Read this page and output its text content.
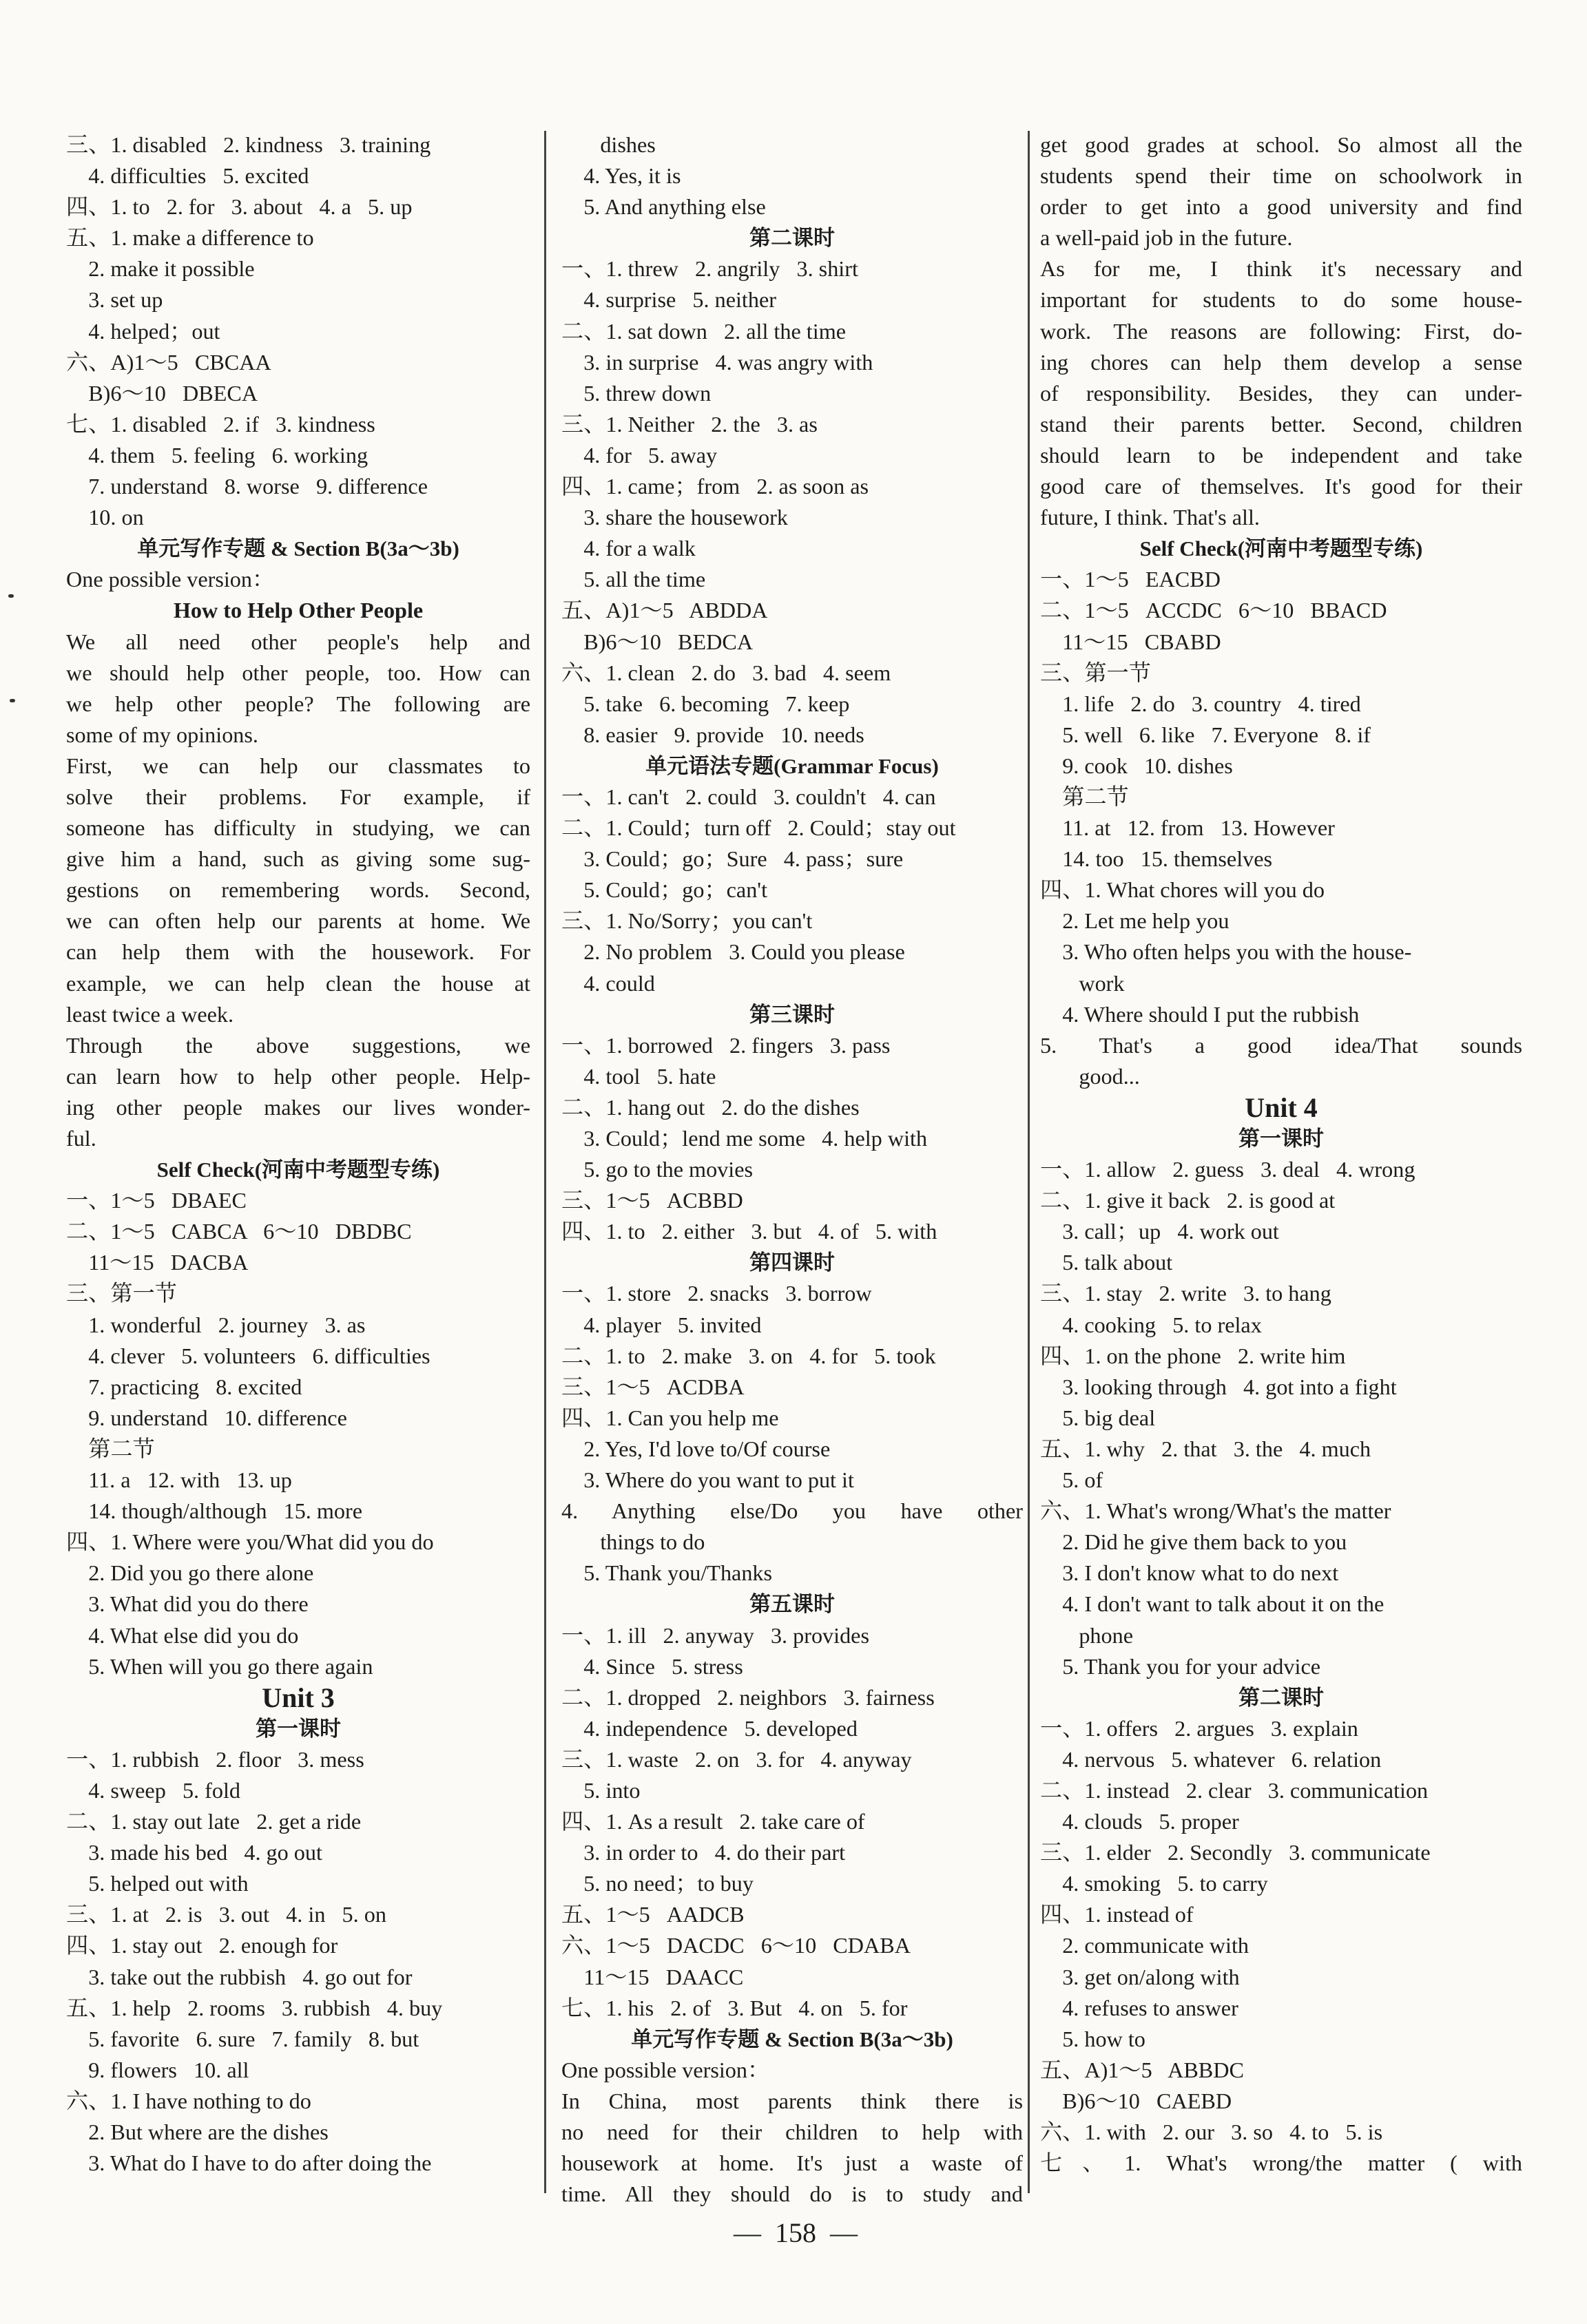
三、1. disabled   2. kindness   3. training
4. difficulties   5. excited
四、1. to   2. for   3. about   4. a   5. up
五、1. make a difference to
2. make it possible
3. set up
4. helped；out
六、A)1～5   CBCAA
B)6～10   DBECA
七、1. disabled   2. if   3. kindness
4. them   5. feeling   6. working
7. understand   8. worse   9. difference
10. on
单元写作专题 & Section B(3a～3b)
One possible version：
How to Help Other People
We all need other people's help and
we should help other people, too. How can
we help other people? The following are
some of my opinions.
First, we can help our classmates to
solve their problems. For example, if
someone has difficulty in studying, we can
give him a hand, such as giving some sug-
gestions on remembering words. Second,
we can often help our parents at home. We
can help them with the housework. For
example, we can help clean the house at
least twice a week.
Through the above suggestions, we
can learn how to help other people. Help-
ing other people makes our lives wonder-
ful.
Self Check(河南中考题型专练)
一、1～5   DBAEC
二、1～5   CABCA   6～10   DBDBC
11～15   DACBA
三、第一节
1. wonderful   2. journey   3. as
4. clever   5. volunteers   6. difficulties
7. practicing   8. excited
9. understand   10. difference
第二节
11. a   12. with   13. up
14. though/although   15. more
四、1. Where were you/What did you do
2. Did you go there alone
3. What did you do there
4. What else did you do
5. When will you go there again
Unit 3
第一课时
一、1. rubbish   2. floor   3. mess
4. sweep   5. fold
二、1. stay out late   2. get a ride
3. made his bed   4. go out
5. helped out with
三、1. at   2. is   3. out   4. in   5. on
四、1. stay out   2. enough for
3. take out the rubbish   4. go out for
五、1. help   2. rooms   3. rubbish   4. buy
5. favorite   6. sure   7. family   8. but
9. flowers   10. all
六、1. I have nothing to do
2. But where are the dishes
3. What do I have to do after doing the
dishes
4. Yes, it is
5. And anything else
第二课时
一、1. threw   2. angrily   3. shirt
4. surprise   5. neither
二、1. sat down   2. all the time
3. in surprise   4. was angry with
5. threw down
三、1. Neither   2. the   3. as
4. for   5. away
四、1. came；from   2. as soon as
3. share the housework
4. for a walk
5. all the time
五、A)1～5   ABDDA
B)6～10   BEDCA
六、1. clean   2. do   3. bad   4. seem
5. take   6. becoming   7. keep
8. easier   9. provide   10. needs
单元语法专题(Grammar Focus)
一、1. can't   2. could   3. couldn't   4. can
二、1. Could；turn off   2. Could；stay out
3. Could；go；Sure   4. pass；sure
5. Could；go；can't
三、1. No/Sorry；you can't
2. No problem   3. Could you please
4. could
第三课时
一、1. borrowed   2. fingers   3. pass
4. tool   5. hate
二、1. hang out   2. do the dishes
3. Could；lend me some   4. help with
5. go to the movies
三、1～5   ACBBD
四、1. to   2. either   3. but   4. of   5. with
第四课时
一、1. store   2. snacks   3. borrow
4. player   5. invited
二、1. to   2. make   3. on   4. for   5. took
三、1～5   ACDBA
四、1. Can you help me
2. Yes, I'd love to/Of course
3. Where do you want to put it
4. Anything else/Do you have other
things to do
5. Thank you/Thanks
第五课时
一、1. ill   2. anyway   3. provides
4. Since   5. stress
二、1. dropped   2. neighbors   3. fairness
4. independence   5. developed
三、1. waste   2. on   3. for   4. anyway
5. into
四、1. As a result   2. take care of
3. in order to   4. do their part
5. no need；to buy
五、1～5   AADCB
六、1～5   DACDC   6～10   CDABA
11～15   DAACC
七、1. his   2. of   3. But   4. on   5. for
单元写作专题 & Section B(3a～3b)
One possible version：
In China, most parents think there is
no need for their children to help with
housework at home. It's just a waste of
time. All they should do is to study and
get good grades at school. So almost all the
students spend their time on schoolwork in
order to get into a good university and find
a well-paid job in the future.
As for me, I think it's necessary and
important for students to do some house-
work. The reasons are following: First, do-
ing chores can help them develop a sense
of responsibility. Besides, they can under-
stand their parents better. Second, children
should learn to be independent and take
good care of themselves. It's good for their
future, I think. That's all.
Self Check(河南中考题型专练)
一、1～5   EACBD
二、1～5   ACCDC   6～10   BBACD
11～15   CBABD
三、第一节
1. life   2. do   3. country   4. tired
5. well   6. like   7. Everyone   8. if
9. cook   10. dishes
第二节
11. at   12. from   13. However
14. too   15. themselves
四、1. What chores will you do
2. Let me help you
3. Who often helps you with the house-
work
4. Where should I put the rubbish
5. That's a good idea/That sounds
good...
Unit 4
第一课时
一、1. allow   2. guess   3. deal   4. wrong
二、1. give it back   2. is good at
3. call；up   4. work out
5. talk about
三、1. stay   2. write   3. to hang
4. cooking   5. to relax
四、1. on the phone   2. write him
3. looking through   4. got into a fight
5. big deal
五、1. why   2. that   3. the   4. much
5. of
六、1. What's wrong/What's the matter
2. Did he give them back to you
3. I don't know what to do next
4. I don't want to talk about it on the
phone
5. Thank you for your advice
第二课时
一、1. offers   2. argues   3. explain
4. nervous   5. whatever   6. relation
二、1. instead   2. clear   3. communication
4. clouds   5. proper
三、1. elder   2. Secondly   3. communicate
4. smoking   5. to carry
四、1. instead of
2. communicate with
3. get on/along with
4. refuses to answer
5. how to
五、A)1～5   ABBDC
B)6～10   CAEBD
六、1. with   2. our   3. so   4. to   5. is
七、1. What's wrong/the matter ( with
—  158  —
